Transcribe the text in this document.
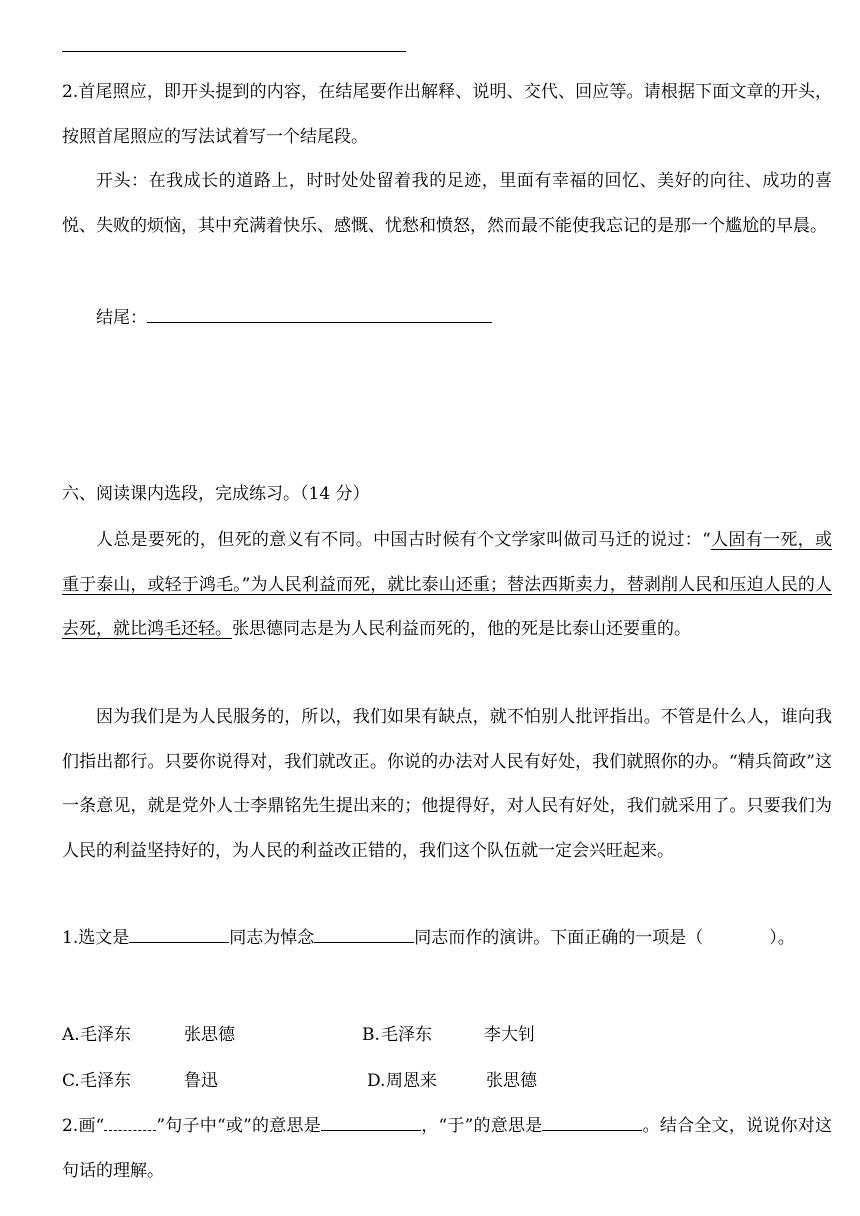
2.首尾照应，即开头提到的内容，在结尾要作出解释、说明、交代、回应等。请根据下面文章的开头，按照首尾照应的写法试着写一个结尾段。

开头：在我成长的道路上，时时处处留着我的足迹，里面有幸福的回忆、美好的向往、成功的喜悦、失败的烦恼，其中充满着快乐、感慨、忧愁和愤怒，然而最不能使我忘记的是那一个尴尬的早晨。

结尾：

六、阅读课内选段，完成练习。（14 分）

人总是要死的，但死的意义有不同。中国古时候有个文学家叫做司马迁的说过：“人固有一死，或重于泰山，或轻于鸿毛。”为人民利益而死，就比泰山还重；替法西斯卖力，替剥削人民和压迫人民的人去死，就比鸿毛还轻。张思德同志是为人民利益而死的，他的死是比泰山还要重的。

因为我们是为人民服务的，所以，我们如果有缺点，就不怕别人批评指出。不管是什么人，谁向我们指出都行。只要你说得对，我们就改正。你说的办法对人民有好处，我们就照你的办。“精兵简政”这一条意见，就是党外人士李鼎铭先生提出来的；他提得好，对人民有好处，我们就采用了。只要我们为人民的利益坚持好的，为人民的利益改正错的，我们这个队伍就一定会兴旺起来。

1.选文是	同志为悼念	同志而作的演讲。下面正确的一项是（	）。

A. 毛泽东	张思德	B. 毛泽东	李大钊
C. 毛泽东	鲁迅	D. 周恩来	张思德

2.画“	”句子中“或”的意思是	，“于”的意思是	。结合全文，说说你对这句话的理解。
